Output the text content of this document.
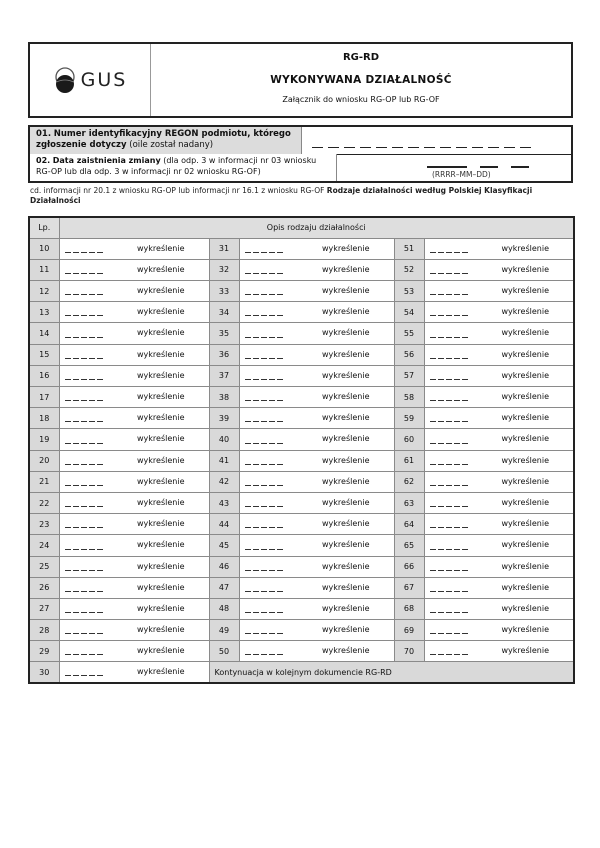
GUS
RG-RD
WYKONYWANA DZIAŁALNOŚĆ
Załącznik do wniosku RG-OP lub RG-OF
01. Numer identyfikacyjny REGON podmiotu, którego zgłoszenie dotyczy (oile został nadany)
02. Data zaistnienia zmiany (dla odp. 3 w informacji nr 03 wniosku RG-OP lub dla odp. 3 w informacji nr 02 wniosku RG-OF)	(RRRR–MM–DD)
cd. informacji nr 20.1 z wniosku RG-OP lub informacji nr 16.1 z wniosku RG-OF Rodzaje działalności według Polskiej Klasyfikacji Działalności
Lp.	Opis rodzaju działalności				
10	wykreślenie	31	wykreślenie	51	wykreślenie

11	wykreślenie	32	wykreślenie	52	wykreślenie

12	wykreślenie	33	wykreślenie	53	wykreślenie

13	wykreślenie	34	wykreślenie	54	wykreślenie

14	wykreślenie	35	wykreślenie	55	wykreślenie

15	wykreślenie	36	wykreślenie	56	wykreślenie

16	wykreślenie	37	wykreślenie	57	wykreślenie

17	wykreślenie	38	wykreślenie	58	wykreślenie

18	wykreślenie	39	wykreślenie	59	wykreślenie

19	wykreślenie	40	wykreślenie	60	wykreślenie

20	wykreślenie	41	wykreślenie	61	wykreślenie

21	wykreślenie	42	wykreślenie	62	wykreślenie

22	wykreślenie	43	wykreślenie	63	wykreślenie

23	wykreślenie	44	wykreślenie	64	wykreślenie

24	wykreślenie	45	wykreślenie	65	wykreślenie

25	wykreślenie	46	wykreślenie	66	wykreślenie

26	wykreślenie	47	wykreślenie	67	wykreślenie

27	wykreślenie	48	wykreślenie	68	wykreślenie

28	wykreślenie	49	wykreślenie	69	wykreślenie

29	wykreślenie	50	wykreślenie	70	wykreślenie

30	wykreślenie	Kontynuacja w kolejnym dokumencie RG-RD			
